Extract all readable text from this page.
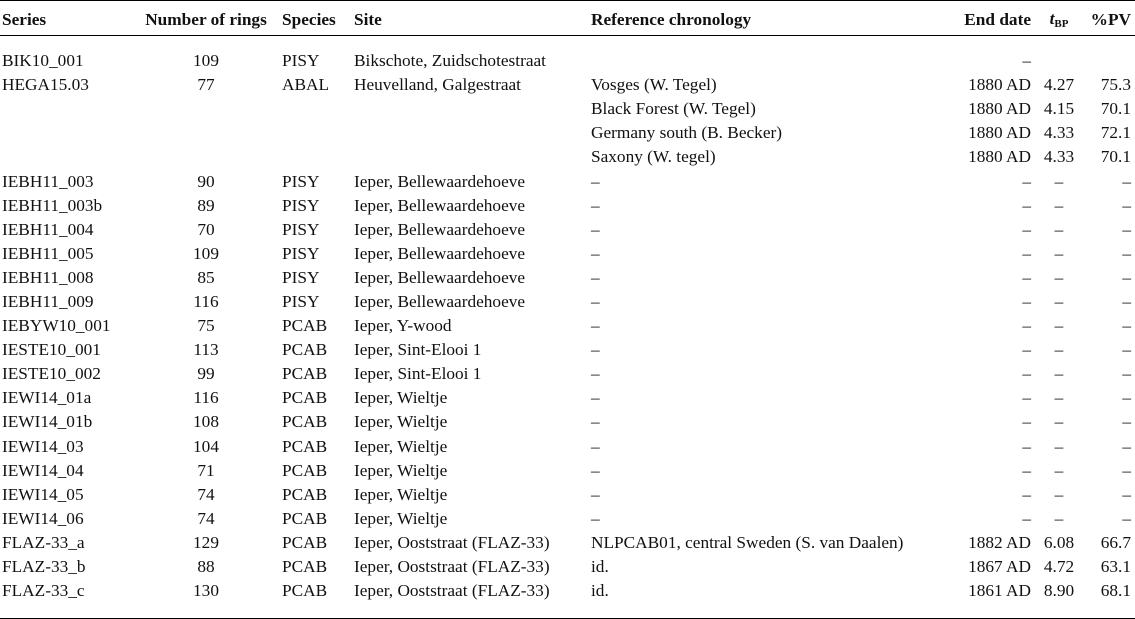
Series	Number of rings	Species	Site	Reference chronology	End date	$t_{BP}$	%PV

BIK10_001	109	PISY	Bikschote, Zuidschotestraat		–		
HEGA15.03	77	ABAL	Heuvelland, Galgestraat	Vosges (W. Tegel)	1880 AD	4.27	75.3
				Black Forest (W. Tegel)	1880 AD	4.15	70.1
				Germany south (B. Becker)	1880 AD	4.33	72.1
				Saxony (W. tegel)	1880 AD	4.33	70.1
IEBH11_003	90	PISY	Ieper, Bellewaardehoeve	–	–	–	–
IEBH11_003b	89	PISY	Ieper, Bellewaardehoeve	–	–	–	–
IEBH11_004	70	PISY	Ieper, Bellewaardehoeve	–	–	–	–
IEBH11_005	109	PISY	Ieper, Bellewaardehoeve	–	–	–	–
IEBH11_008	85	PISY	Ieper, Bellewaardehoeve	–	–	–	–
IEBH11_009	116	PISY	Ieper, Bellewaardehoeve	–	–	–	–
IEBYW10_001	75	PCAB	Ieper, Y-wood	–	–	–	–
IESTE10_001	113	PCAB	Ieper, Sint-Elooi 1	–	–	–	–
IESTE10_002	99	PCAB	Ieper, Sint-Elooi 1	–	–	–	–
IEWI14_01a	116	PCAB	Ieper, Wieltje	–	–	–	–
IEWI14_01b	108	PCAB	Ieper, Wieltje	–	–	–	–
IEWI14_03	104	PCAB	Ieper, Wieltje	–	–	–	–
IEWI14_04	71	PCAB	Ieper, Wieltje	–	–	–	–
IEWI14_05	74	PCAB	Ieper, Wieltje	–	–	–	–
IEWI14_06	74	PCAB	Ieper, Wieltje	–	–	–	–
FLAZ-33_a	129	PCAB	Ieper, Ooststraat (FLAZ-33)	NLPCAB01, central Sweden (S. van Daalen)	1882 AD	6.08	66.7
FLAZ-33_b	88	PCAB	Ieper, Ooststraat (FLAZ-33)	id.	1867 AD	4.72	63.1
FLAZ-33_c	130	PCAB	Ieper, Ooststraat (FLAZ-33)	id.	1861 AD	8.90	68.1
